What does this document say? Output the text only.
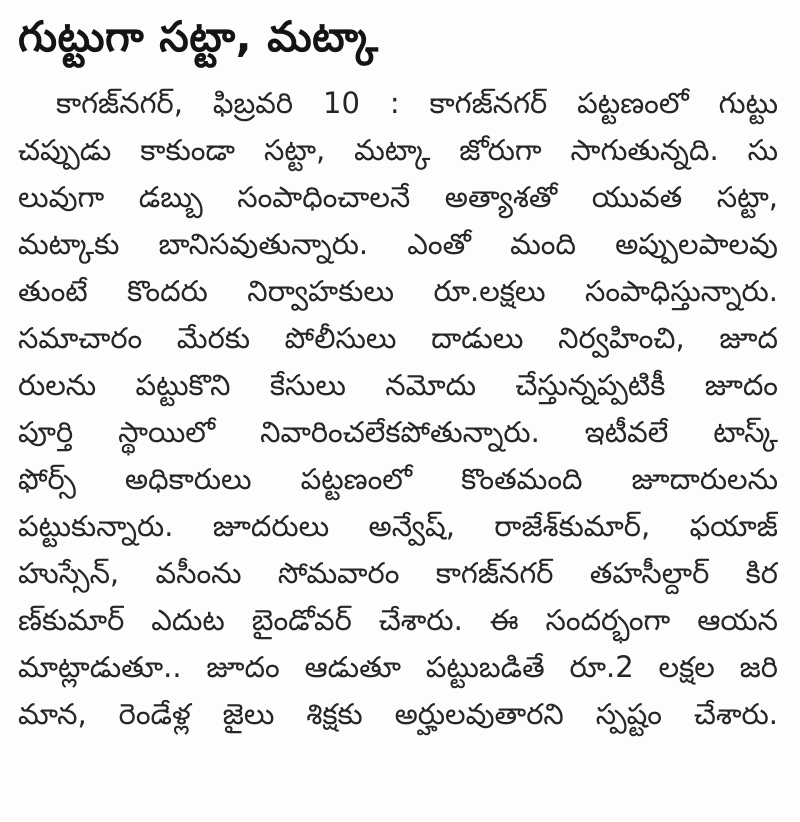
గుట్టుగా సట్టా, మట్కా
కాగజ్‌నగర్, ఫిబ్రవరి 10 : కాగజ్‌నగర్ పట్టణంలో గుట్టు
చప్పుడు కాకుండా సట్టా, మట్కా జోరుగా సాగుతున్నది. సు
లువుగా డబ్బు సంపాధించాలనే అత్యాశతో యువత సట్టా,
మట్కాకు బానిసవుతున్నారు. ఎంతో మంది అప్పులపాలవు
తుంటే కొందరు నిర్వాహకులు రూ.లక్షలు సంపాధిస్తున్నారు.
సమాచారం మేరకు పోలీసులు దాడులు నిర్వహించి, జూద
రులను పట్టుకొని కేసులు నమోదు చేస్తున్నప్పటికీ జూదం
పూర్తి స్థాయిలో నివారించలేకపోతున్నారు. ఇటీవలే టాస్క్
ఫోర్స్ అధికారులు పట్టణంలో కొంతమంది జూదారులను
పట్టుకున్నారు. జూదరులు అన్వేష్, రాజేశ్‌కుమార్, ఫయాజ్
హుస్సేన్, వసీంను సోమవారం కాగజ్‌నగర్ తహసీల్దార్ కిర
ణ్‌కుమార్ ఎదుట బైండోవర్ చేశారు. ఈ సందర్భంగా ఆయన
మాట్లాడుతూ.. జూదం ఆడుతూ పట్టుబడితే రూ.2 లక్షల జరి
మాన, రెండేళ్ల జైలు శిక్షకు అర్హులవుతారని స్పష్టం చేశారు.
